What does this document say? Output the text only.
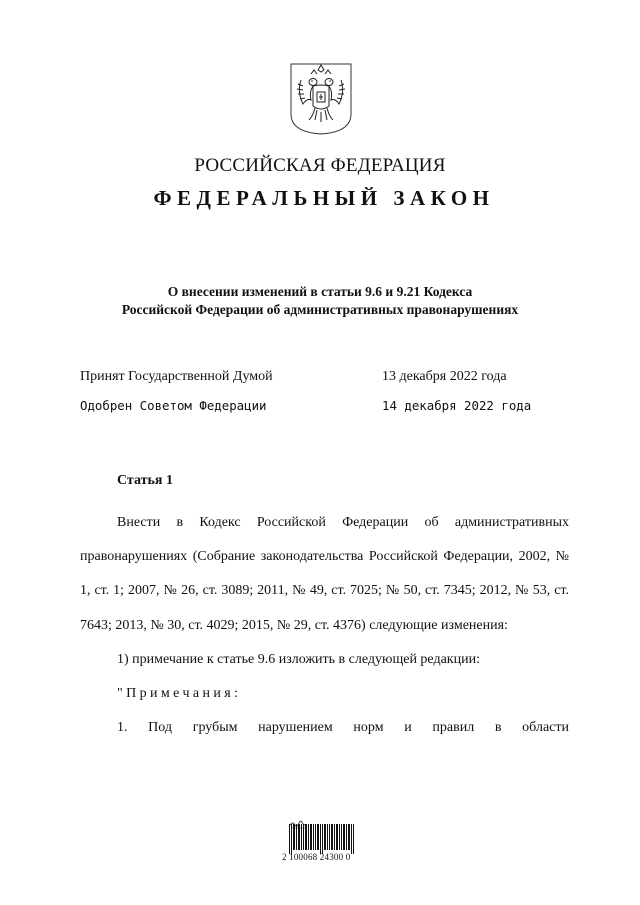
РОССИЙСКАЯ ФЕДЕРАЦИЯ
ФЕДЕРАЛЬНЫЙ ЗАКОН
О внесении изменений в статьи 9.6 и 9.21 Кодекса
Российской Федерации об административных правонарушениях
Принят Государственной Думой	13 декабря 2022 года
Одобрен Советом Федерации	14 декабря 2022 года
Статья 1

Внести в Кодекс Российской Федерации об административных правонарушениях (Собрание законодательства Российской Федерации, 2002, № 1, ст. 1; 2007, № 26, ст. 3089; 2011, № 49, ст. 7025; № 50, ст. 7345; 2012, № 53, ст. 7643; 2013, № 30, ст. 4029; 2015, № 29, ст. 4376) следующие изменения:

1) примечание к статье 9.6 изложить в следующей редакции:

"Примечания:

1. Под грубым нарушением норм и правил в области

2 100068 24300 0
